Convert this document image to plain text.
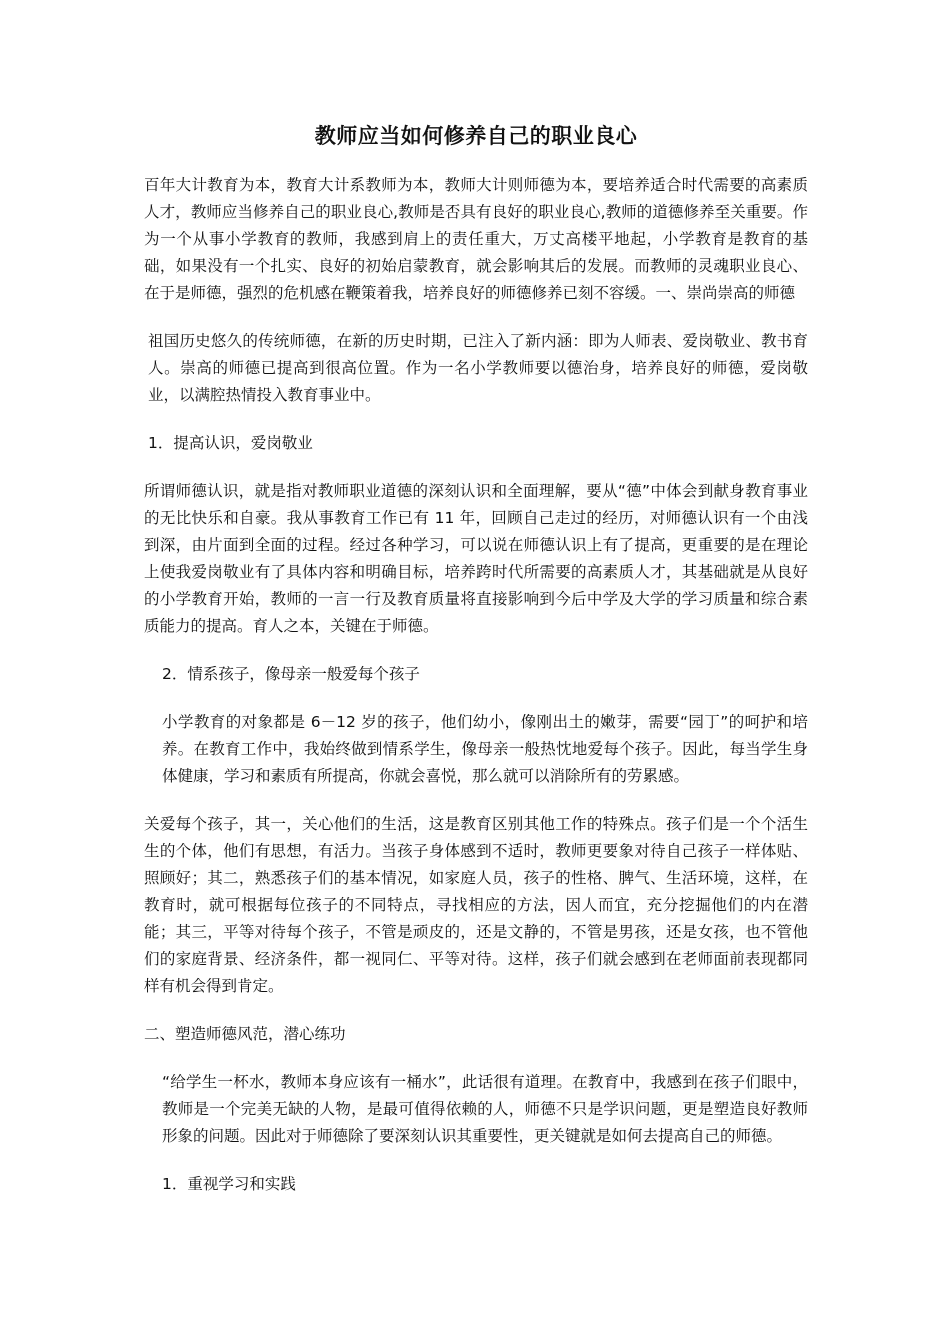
教师应当如何修养自己的职业良心

百年大计教育为本，教育大计系教师为本，教师大计则师德为本，要培养适合时代需要的高素质人才，教师应当修养自己的职业良心,教师是否具有良好的职业良心,教师的道德修养至关重要。作为一个从事小学教育的教师，我感到肩上的责任重大，万丈高楼平地起，小学教育是教育的基础，如果没有一个扎实、良好的初始启蒙教育，就会影响其后的发展。而教师的灵魂职业良心、在于是师德，强烈的危机感在鞭策着我，培养良好的师德修养已刻不容缓。一、崇尚崇高的师德

祖国历史悠久的传统师德，在新的历史时期，已注入了新内涵：即为人师表、爱岗敬业、教书育人。崇高的师德已提高到很高位置。作为一名小学教师要以德治身，培养良好的师德，爱岗敬业，以满腔热情投入教育事业中。

1．提高认识，爱岗敬业

所谓师德认识，就是指对教师职业道德的深刻认识和全面理解，要从“德”中体会到献身教育事业的无比快乐和自豪。我从事教育工作已有 11 年，回顾自己走过的经历，对师德认识有一个由浅到深，由片面到全面的过程。经过各种学习，可以说在师德认识上有了提高，更重要的是在理论上使我爱岗敬业有了具体内容和明确目标，培养跨时代所需要的高素质人才，其基础就是从良好的小学教育开始，教师的一言一行及教育质量将直接影响到今后中学及大学的学习质量和综合素质能力的提高。育人之本，关键在于师德。

2．情系孩子，像母亲一般爱每个孩子

小学教育的对象都是 6－12 岁的孩子，他们幼小，像刚出土的嫩芽，需要“园丁”的呵护和培养。在教育工作中，我始终做到情系学生，像母亲一般热忱地爱每个孩子。因此，每当学生身体健康，学习和素质有所提高，你就会喜悦，那么就可以消除所有的劳累感。

关爱每个孩子，其一，关心他们的生活，这是教育区别其他工作的特殊点。孩子们是一个个活生生的个体，他们有思想，有活力。当孩子身体感到不适时，教师更要象对待自己孩子一样体贴、照顾好；其二，熟悉孩子们的基本情况，如家庭人员，孩子的性格、脾气、生活环境，这样，在教育时，就可根据每位孩子的不同特点，寻找相应的方法，因人而宜，充分挖掘他们的内在潜能；其三，平等对待每个孩子，不管是顽皮的，还是文静的，不管是男孩，还是女孩，也不管他们的家庭背景、经济条件，都一视同仁、平等对待。这样，孩子们就会感到在老师面前表现都同样有机会得到肯定。

二、塑造师德风范，潜心练功

“给学生一杯水，教师本身应该有一桶水”，此话很有道理。在教育中，我感到在孩子们眼中，教师是一个完美无缺的人物，是最可值得依赖的人，师德不只是学识问题，更是塑造良好教师形象的问题。因此对于师德除了要深刻认识其重要性，更关键就是如何去提高自己的师德。

1．重视学习和实践
